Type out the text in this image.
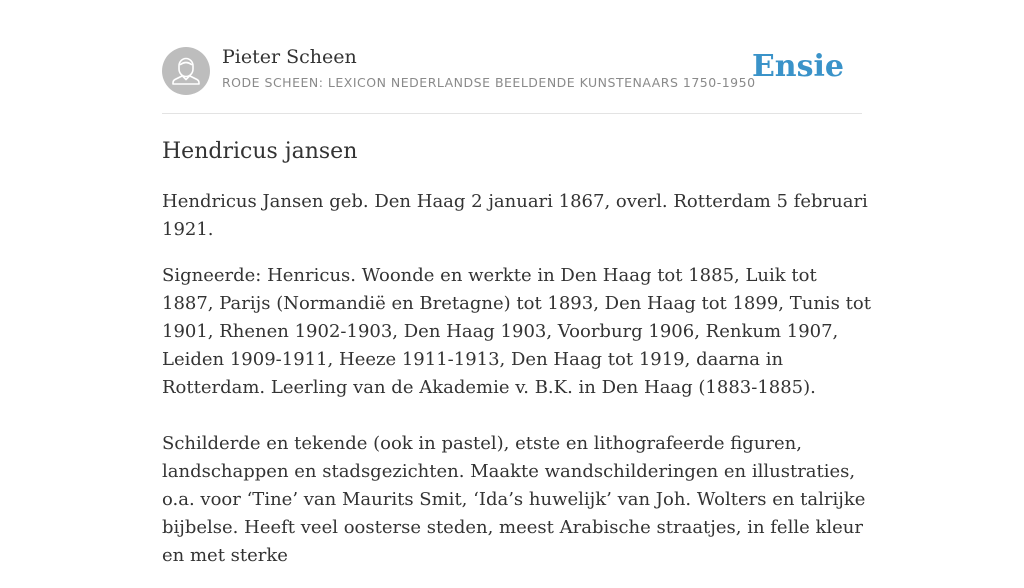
Pieter Scheen
RODE SCHEEN: LEXICON NEDERLANDSE BEELDENDE KUNSTENAARS 1750-1950
Ensie
Hendricus jansen

Hendricus Jansen geb. Den Haag 2 januari 1867, overl. Rotterdam 5 februari 1921.

Signeerde: Henricus. Woonde en werkte in Den Haag tot 1885, Luik tot 1887, Parijs (Normandië en Bretagne) tot 1893, Den Haag tot 1899, Tunis tot 1901, Rhenen 1902-1903, Den Haag 1903, Voorburg 1906, Renkum 1907, Leiden 1909-1911, Heeze 1911-1913, Den Haag tot 1919, daarna in Rotterdam. Leerling van de Akademie v. B.K. in Den Haag (1883-1885).

Schilderde en tekende (ook in pastel), etste en lithografeerde figuren, landschappen en stadsgezichten. Maakte wandschilderingen en illustraties, o.a. voor ‘Tine’ van Maurits Smit, ‘Ida’s huwelijk’ van Joh. Wolters en talrijke bijbelse. Heeft veel oosterse steden, meest Arabische straatjes, in felle kleur en met sterke
